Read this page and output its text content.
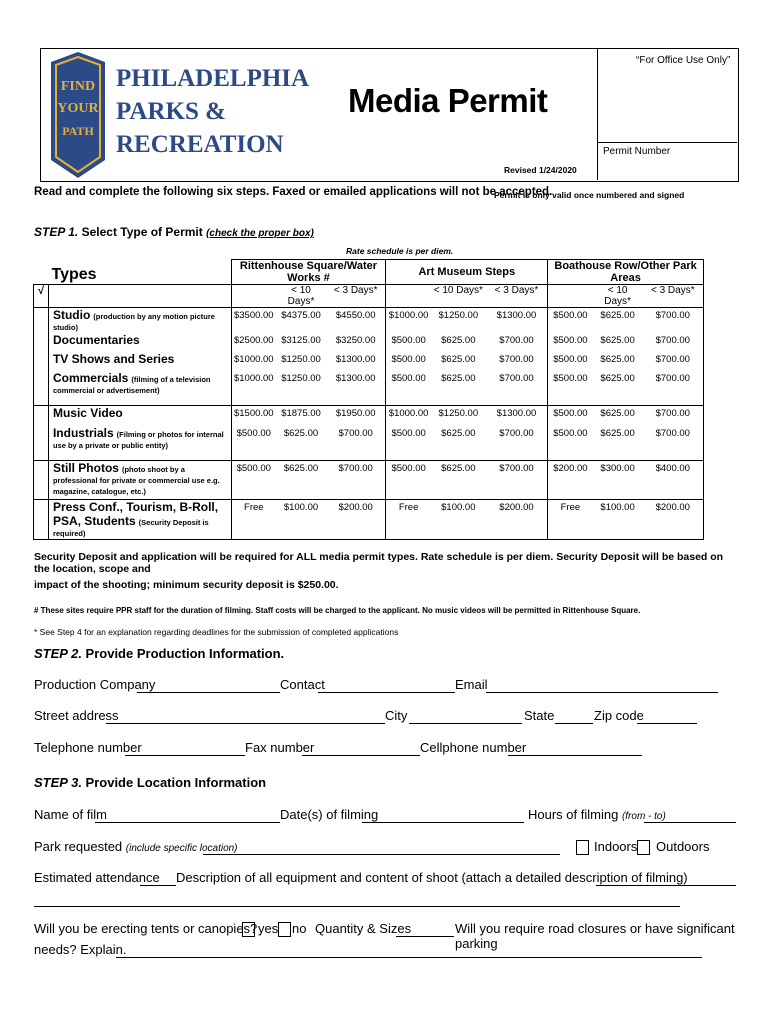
“For Office Use Only”
Permit Number
Revised 1/24/2020
FIND
YOUR
PATH
PHILADELPHIA
PARKS &
RECREATION
Media Permit
Read and complete the following six steps. Faxed or emailed applications will not be accepted.
Permit is only valid once numbered and signed
STEP 1. Select Type of Permit (check the proper box)
Rate schedule is per diem.
Types		Rittenhouse Square/Water Works #			Art Museum Steps			Boathouse Row/Other Park Areas		
√			< 10 Days*	< 3 Days*		< 10 Days*	< 3 Days*		< 10 Days*	< 3 Days*
	Studio (production by any motion picture studio)	$3500.00	$4375.00	$4550.00	$1000.00	$1250.00	$1300.00	$500.00	$625.00	$700.00
	Documentaries	$2500.00	$3125.00	$3250.00	$500.00	$625.00	$700.00	$500.00	$625.00	$700.00
	TV Shows and Series	$1000.00	$1250.00	$1300.00	$500.00	$625.00	$700.00	$500.00	$625.00	$700.00
	Commercials (filming of a television commercial or advertisement)	$1000.00	$1250.00	$1300.00	$500.00	$625.00	$700.00	$500.00	$625.00	$700.00
	Music Video	$1500.00	$1875.00	$1950.00	$1000.00	$1250.00	$1300.00	$500.00	$625.00	$700.00
	Industrials (Filming or photos for internal use by a private or public entity)	$500.00	$625.00	$700.00	$500.00	$625.00	$700.00	$500.00	$625.00	$700.00
	Still Photos (photo shoot by a professional for private or commercial use e.g. magazine, catalogue, etc.)	$500.00	$625.00	$700.00	$500.00	$625.00	$700.00	$200.00	$300.00	$400.00
	Press Conf., Tourism, B-Roll, PSA, Students (Security Deposit is required)	Free	$100.00	$200.00	Free	$100.00	$200.00	Free	$100.00	$200.00
Security Deposit and application will be required for ALL media permit types. Rate schedule is per diem. Security Deposit will be based on the location, scope and
impact of the shooting; minimum security deposit is $250.00.
# These sites require PPR staff for the duration of filming. Staff costs will be charged to the applicant. No music videos will be permitted in Rittenhouse Square.
* See Step 4 for an explanation regarding deadlines for the submission of completed applications
STEP 2. Provide Production Information.
Production Company	Contact	Email
Street address	City	State	Zip code
Telephone number	Fax number	Cellphone number
STEP 3. Provide Location Information
Name of film	Date(s) of filming	Hours of filming (from - to)
Park requested (include specific location)	Indoors Outdoors
Estimated attendance Description of all equipment and content of shoot (attach a detailed description of filming)
Will you be erecting tents or canopies? yes no Quantity & Sizes	Will you require road closures or have significant parking
needs? Explain.
